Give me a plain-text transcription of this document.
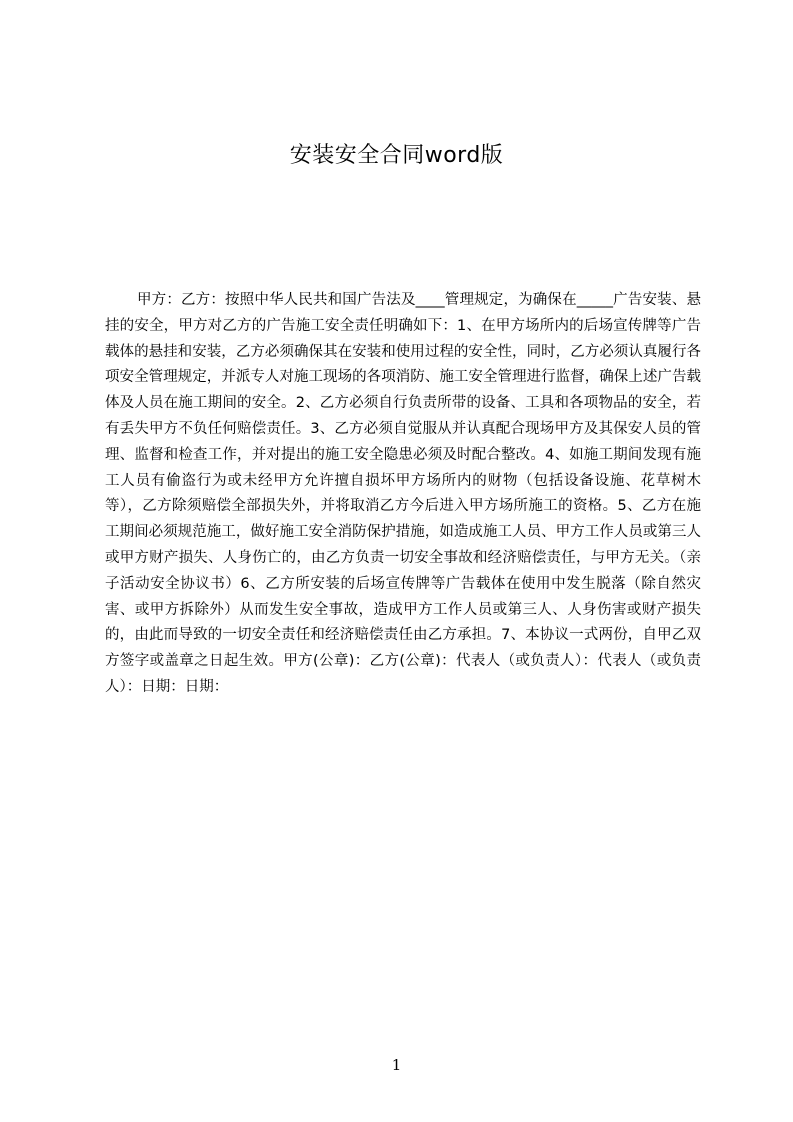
安装安全合同word版
甲方：乙方：按照中华人民共和国广告法及____管理规定，为确保在_____广告安装、悬挂的安全，甲方对乙方的广告施工安全责任明确如下：1、在甲方场所内的后场宣传牌等广告载体的悬挂和安装，乙方必须确保其在安装和使用过程的安全性，同时，乙方必须认真履行各项安全管理规定，并派专人对施工现场的各项消防、施工安全管理进行监督，确保上述广告载体及人员在施工期间的安全。2、乙方必须自行负责所带的设备、工具和各项物品的安全，若有丢失甲方不负任何赔偿责任。3、乙方必须自觉服从并认真配合现场甲方及其保安人员的管理、监督和检查工作，并对提出的施工安全隐患必须及时配合整改。4、如施工期间发现有施工人员有偷盗行为或未经甲方允许擅自损坏甲方场所内的财物（包括设备设施、花草树木等），乙方除须赔偿全部损失外，并将取消乙方今后进入甲方场所施工的资格。5、乙方在施工期间必须规范施工，做好施工安全消防保护措施，如造成施工人员、甲方工作人员或第三人或甲方财产损失、人身伤亡的，由乙方负责一切安全事故和经济赔偿责任，与甲方无关。（亲子活动安全协议书）6、乙方所安装的后场宣传牌等广告载体在使用中发生脱落（除自然灾害、或甲方拆除外）从而发生安全事故，造成甲方工作人员或第三人、人身伤害或财产损失的，由此而导致的一切安全责任和经济赔偿责任由乙方承担。7、本协议一式两份，自甲乙双方签字或盖章之日起生效。甲方(公章)：乙方(公章)：代表人（或负责人）：代表人（或负责人）：日期：日期：
1
